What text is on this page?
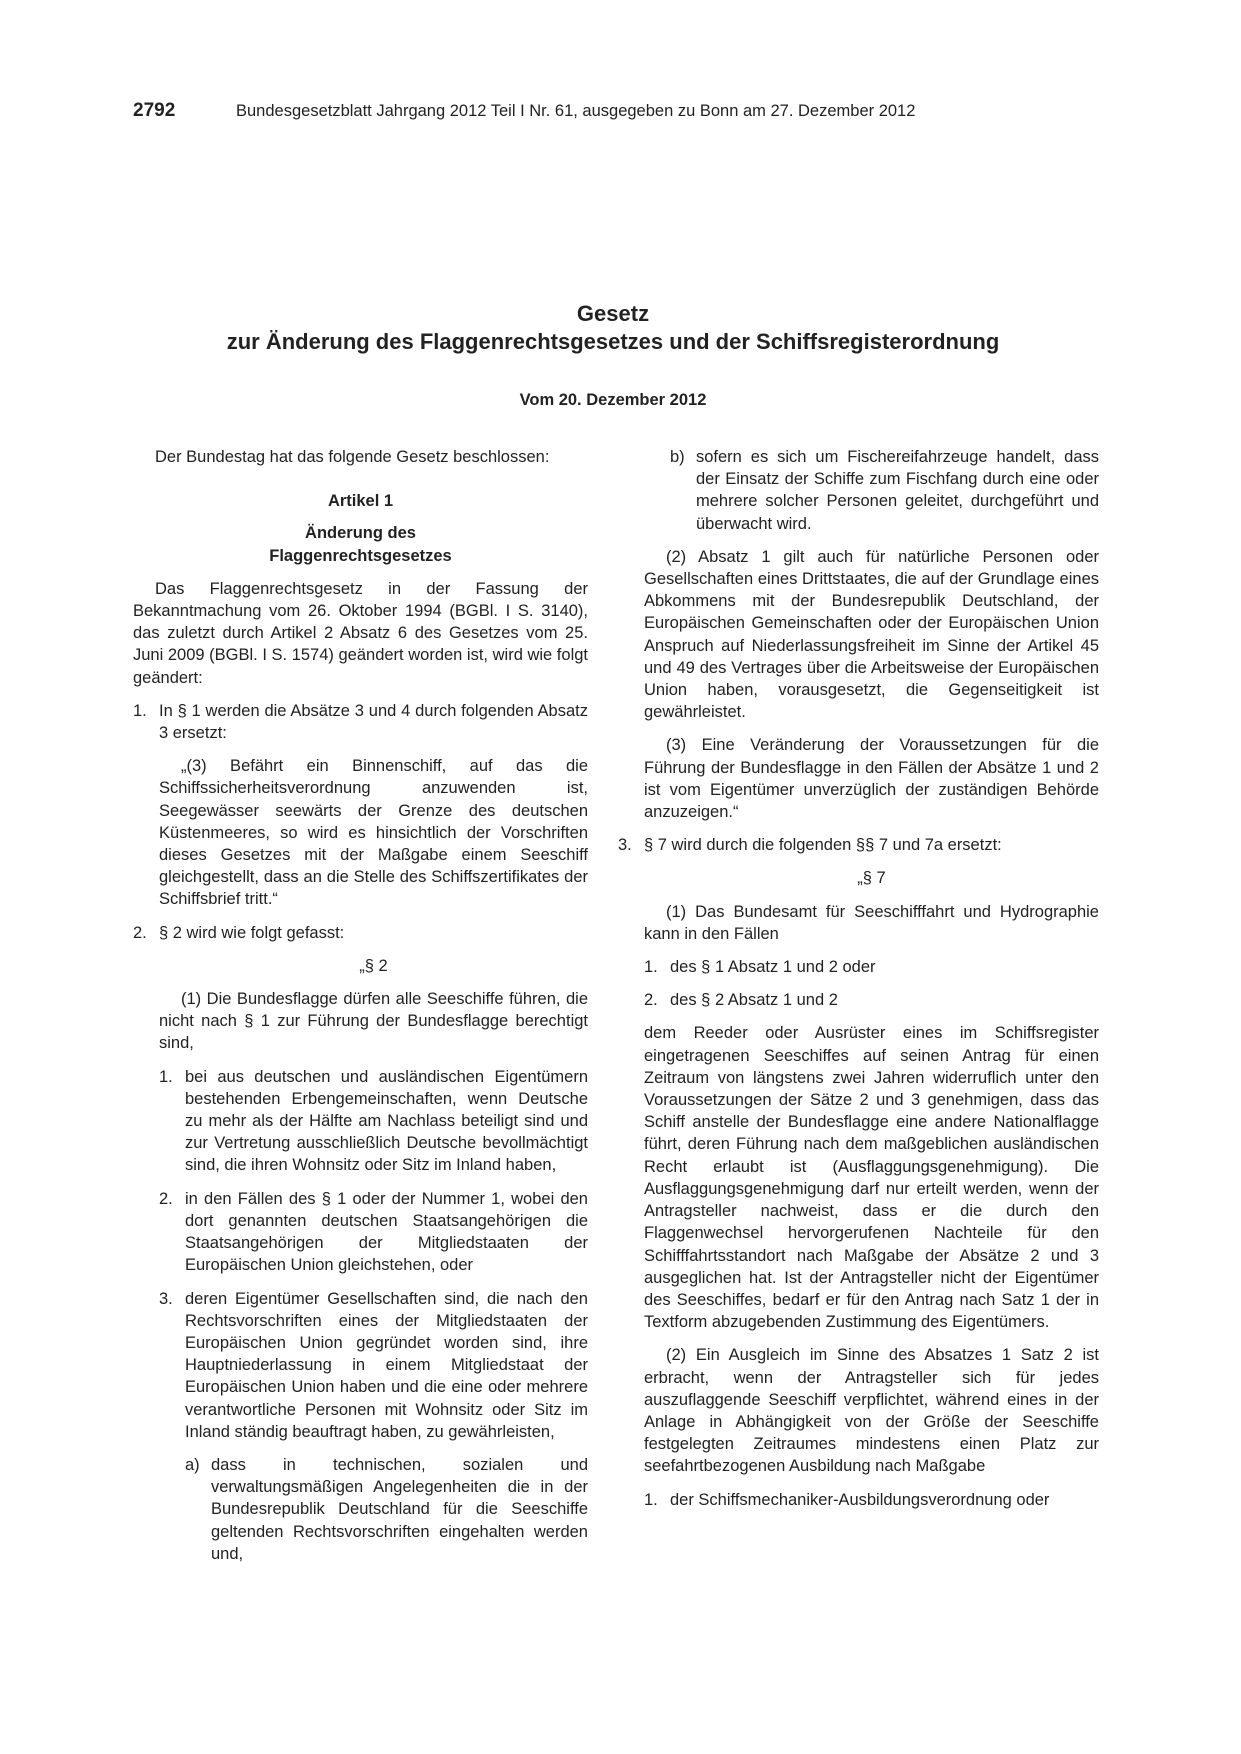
2792	Bundesgesetzblatt Jahrgang 2012 Teil I Nr. 61, ausgegeben zu Bonn am 27. Dezember 2012
Gesetz
zur Änderung des Flaggenrechtsgesetzes und der Schiffsregisterordnung
Vom 20. Dezember 2012

Der Bundestag hat das folgende Gesetz beschlossen:

Artikel 1
Änderung des Flaggenrechtsgesetzes

Das Flaggenrechtsgesetz in der Fassung der Bekanntmachung vom 26. Oktober 1994 (BGBl. I S. 3140), das zuletzt durch Artikel 2 Absatz 6 des Gesetzes vom 25. Juni 2009 (BGBl. I S. 1574) geändert worden ist, wird wie folgt geändert:

1. In § 1 werden die Absätze 3 und 4 durch folgenden Absatz 3 ersetzt:

„(3) Befährt ein Binnenschiff, auf das die Schiffssicherheitsverordnung anzuwenden ist, Seegewässer seewärts der Grenze des deutschen Küstenmeeres, so wird es hinsichtlich der Vorschriften dieses Gesetzes mit der Maßgabe einem Seeschiff gleichgestellt, dass an die Stelle des Schiffszertifikates der Schiffsbrief tritt.“

2. § 2 wird wie folgt gefasst:
„§ 2

(1) Die Bundesflagge dürfen alle Seeschiffe führen, die nicht nach § 1 zur Führung der Bundesflagge berechtigt sind,

1. bei aus deutschen und ausländischen Eigentümern bestehenden Erbengemeinschaften, wenn Deutsche zu mehr als der Hälfte am Nachlass beteiligt sind und zur Vertretung ausschließlich Deutsche bevollmächtigt sind, die ihren Wohnsitz oder Sitz im Inland haben,
2. in den Fällen des § 1 oder der Nummer 1, wobei den dort genannten deutschen Staatsangehörigen die Staatsangehörigen der Mitgliedstaaten der Europäischen Union gleichstehen, oder
3. deren Eigentümer Gesellschaften sind, die nach den Rechtsvorschriften eines der Mitgliedstaaten der Europäischen Union gegründet worden sind, ihre Hauptniederlassung in einem Mitgliedstaat der Europäischen Union haben und die eine oder mehrere verantwortliche Personen mit Wohnsitz oder Sitz im Inland ständig beauftragt haben, zu gewährleisten,
a) dass in technischen, sozialen und verwaltungsmäßigen Angelegenheiten die in der Bundesrepublik Deutschland für die Seeschiffe geltenden Rechtsvorschriften eingehalten werden und,
b) sofern es sich um Fischereifahrzeuge handelt, dass der Einsatz der Schiffe zum Fischfang durch eine oder mehrere solcher Personen geleitet, durchgeführt und überwacht wird.

(2) Absatz 1 gilt auch für natürliche Personen oder Gesellschaften eines Drittstaates, die auf der Grundlage eines Abkommens mit der Bundesrepublik Deutschland, der Europäischen Gemeinschaften oder der Europäischen Union Anspruch auf Niederlassungsfreiheit im Sinne der Artikel 45 und 49 des Vertrages über die Arbeitsweise der Europäischen Union haben, vorausgesetzt, die Gegenseitigkeit ist gewährleistet.

(3) Eine Veränderung der Voraussetzungen für die Führung der Bundesflagge in den Fällen der Absätze 1 und 2 ist vom Eigentümer unverzüglich der zuständigen Behörde anzuzeigen.“

3. § 7 wird durch die folgenden §§ 7 und 7a ersetzt:
„§ 7

(1) Das Bundesamt für Seeschifffahrt und Hydrographie kann in den Fällen

1. des § 1 Absatz 1 und 2 oder
2. des § 2 Absatz 1 und 2

dem Reeder oder Ausrüster eines im Schiffsregister eingetragenen Seeschiffes auf seinen Antrag für einen Zeitraum von längstens zwei Jahren widerruflich unter den Voraussetzungen der Sätze 2 und 3 genehmigen, dass das Schiff anstelle der Bundesflagge eine andere Nationalflagge führt, deren Führung nach dem maßgeblichen ausländischen Recht erlaubt ist (Ausflaggungsgenehmigung). Die Ausflaggungsgenehmigung darf nur erteilt werden, wenn der Antragsteller nachweist, dass er die durch den Flaggenwechsel hervorgerufenen Nachteile für den Schifffahrtsstandort nach Maßgabe der Absätze 2 und 3 ausgeglichen hat. Ist der Antragsteller nicht der Eigentümer des Seeschiffes, bedarf er für den Antrag nach Satz 1 der in Textform abzugebenden Zustimmung des Eigentümers.

(2) Ein Ausgleich im Sinne des Absatzes 1 Satz 2 ist erbracht, wenn der Antragsteller sich für jedes auszuflaggende Seeschiff verpflichtet, während eines in der Anlage in Abhängigkeit von der Größe der Seeschiffe festgelegten Zeitraumes mindestens einen Platz zur seefahrtbezogenen Ausbildung nach Maßgabe

1. der Schiffsmechaniker-Ausbildungsverordnung oder
